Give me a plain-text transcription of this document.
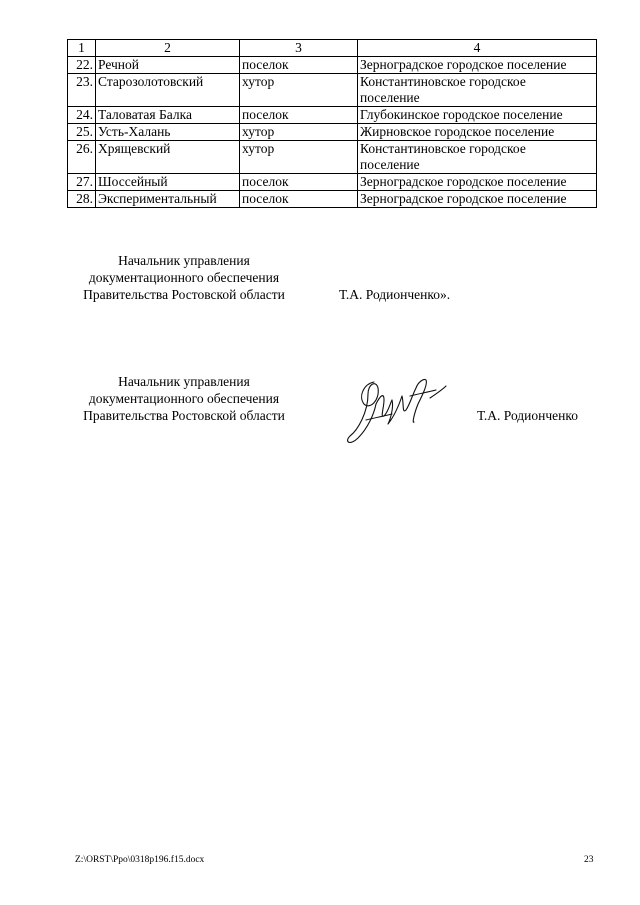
1	2	3	4
22.	Речной	поселок	Зерноградское городское поселение

23.	Старозолотовский	хутор	Константиновское городское
поселение

24.	Таловатая Балка	поселок	Глубокинское городское поселение

25.	Усть-Халань	хутор	Жирновское городское поселение

26.	Хрящевский	хутор	Константиновское городское
поселение

27.	Шоссейный	поселок	Зерноградское городское поселение

28.	Экспериментальный	поселок	Зерноградское городское поселение
Начальник управления
документационного обеспечения
Правительства Ростовской области	Т.А. Родионченко».
Начальник управления
документационного обеспечения
Правительства Ростовской области	Т.А. Родионченко
Z:\ORST\Ppo\0318p196.f15.docx	23
